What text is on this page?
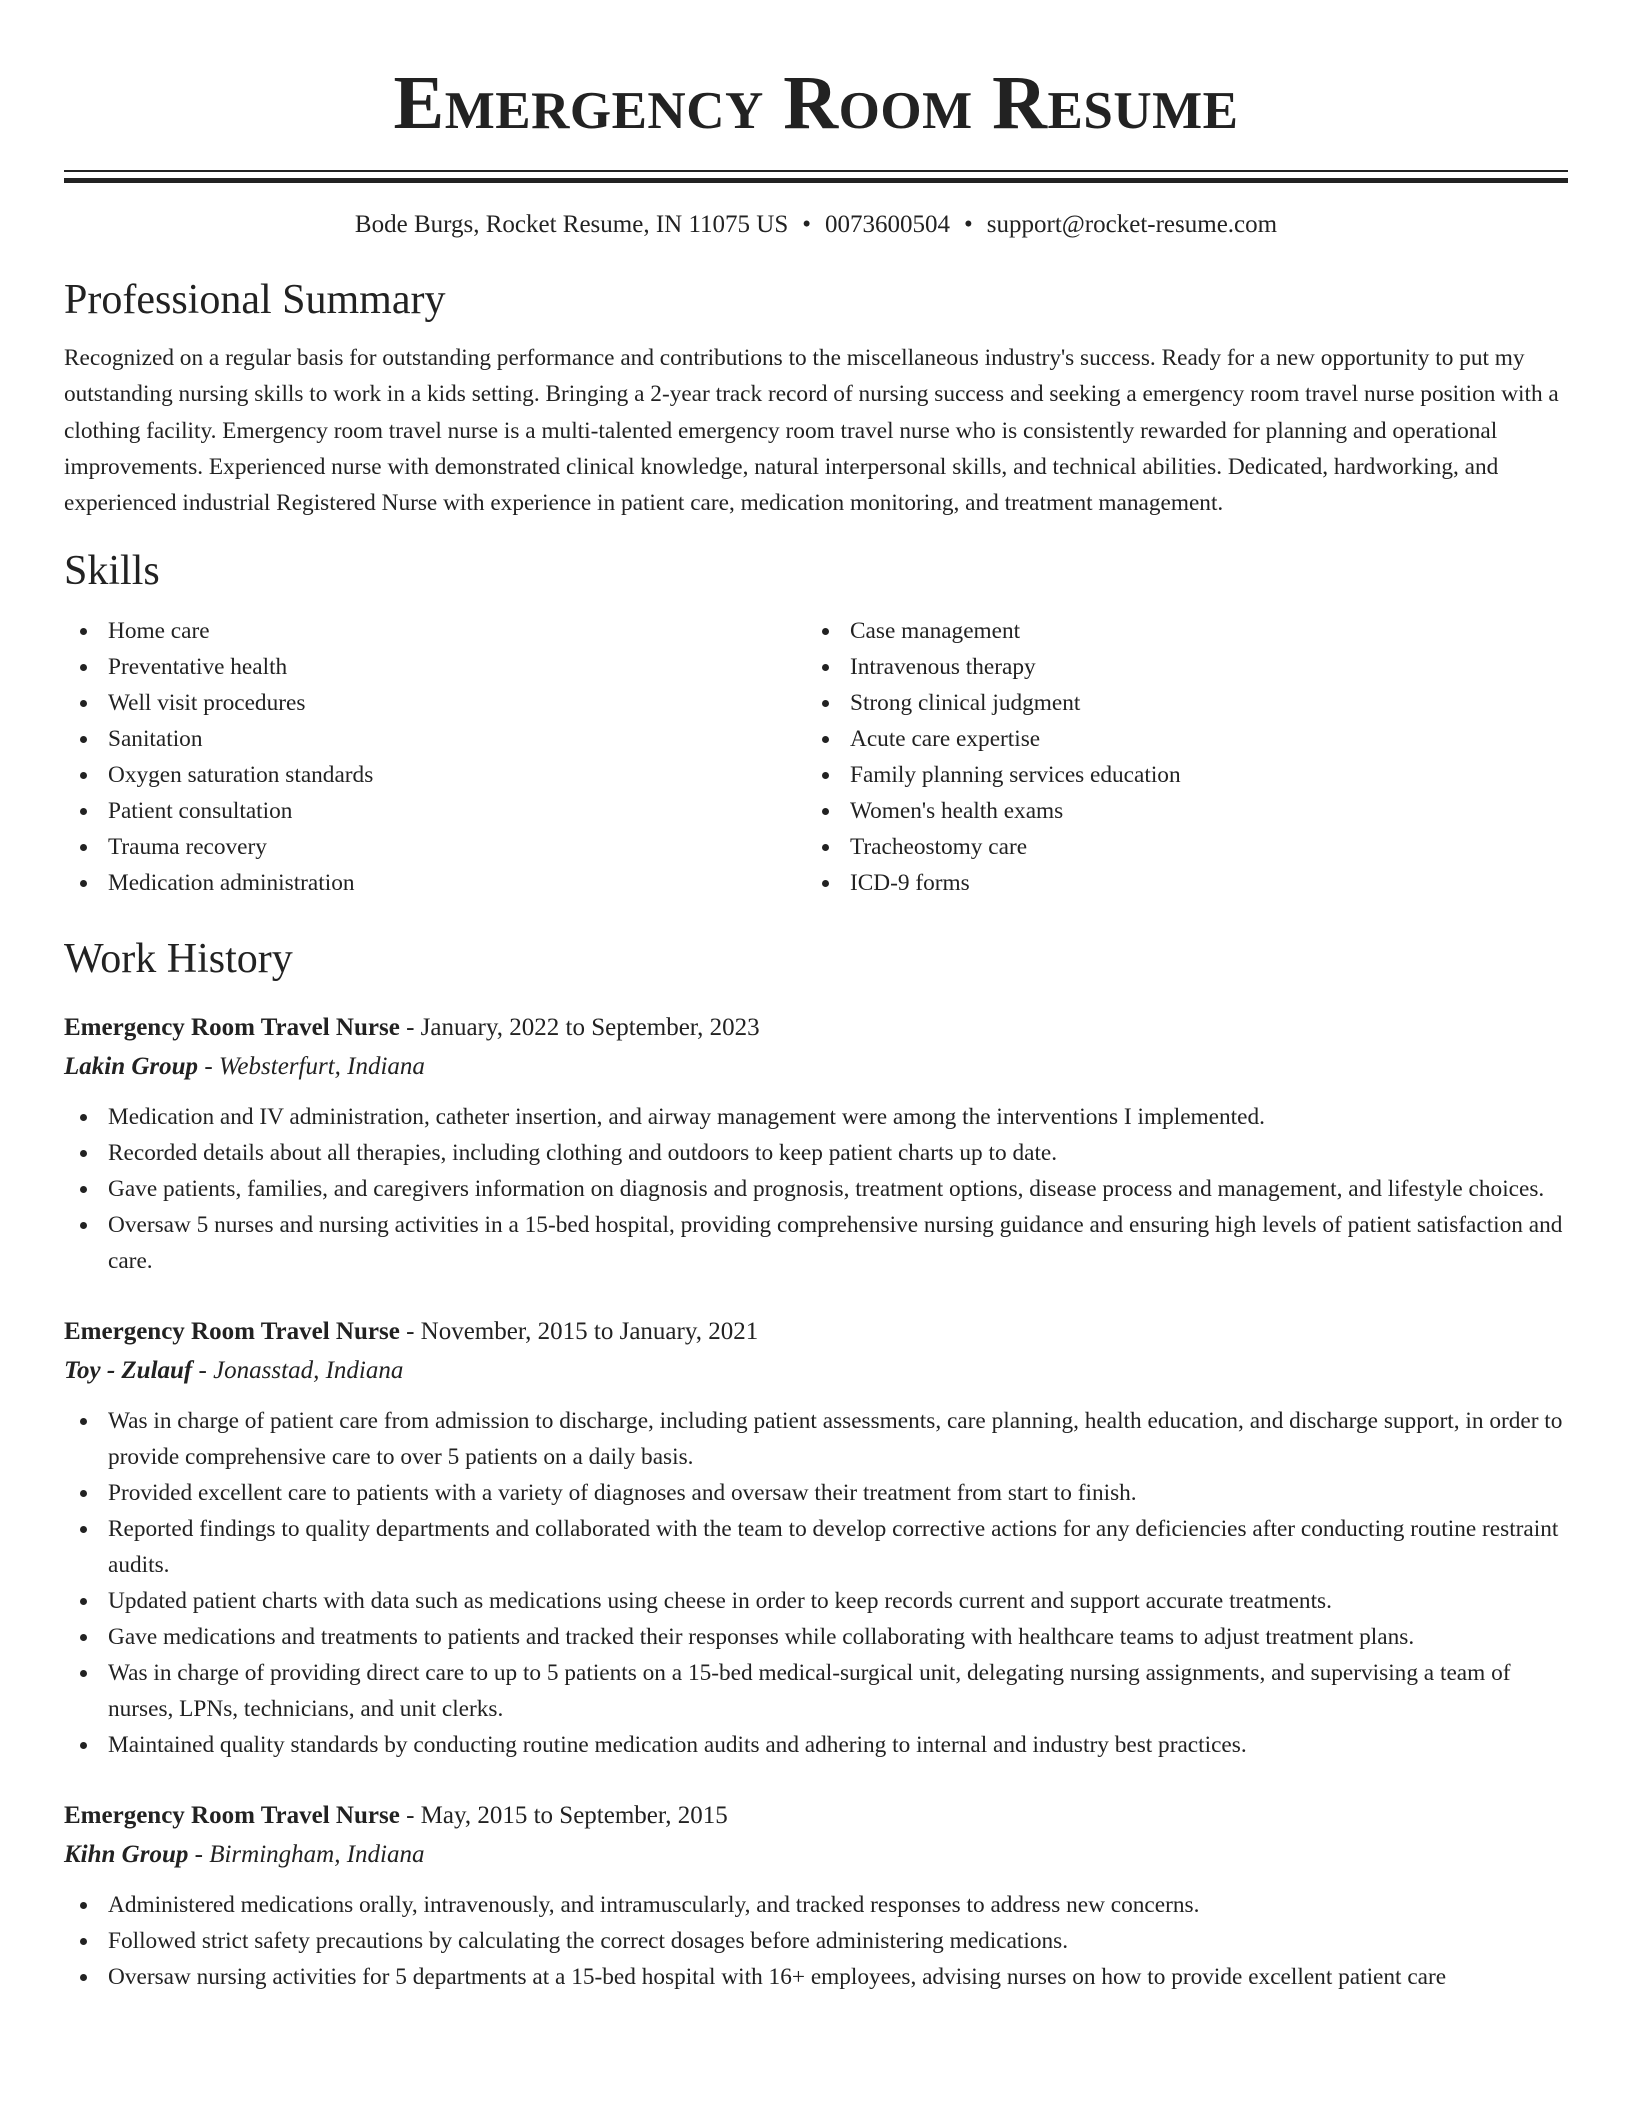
Emergency Room Resume
Bode Burgs, Rocket Resume, IN 11075 US • 0073600504 • support@rocket-resume.com
Professional Summary

Recognized on a regular basis for outstanding performance and contributions to the miscellaneous industry's success. Ready for a new opportunity to put my outstanding nursing skills to work in a kids setting. Bringing a 2-year track record of nursing success and seeking a emergency room travel nurse position with a clothing facility. Emergency room travel nurse is a multi-talented emergency room travel nurse who is consistently rewarded for planning and operational improvements. Experienced nurse with demonstrated clinical knowledge, natural interpersonal skills, and technical abilities. Dedicated, hardworking, and experienced industrial Registered Nurse with experience in patient care, medication monitoring, and treatment management.

Skills
Home care
Preventative health
Well visit procedures
Sanitation
Oxygen saturation standards
Patient consultation
Trauma recovery
Medication administration
Case management
Intravenous therapy
Strong clinical judgment
Acute care expertise
Family planning services education
Women's health exams
Tracheostomy care
ICD-9 forms
Work History
Emergency Room Travel Nurse - January, 2022 to September, 2023
Lakin Group - Websterfurt, Indiana
Medication and IV administration, catheter insertion, and airway management were among the interventions I implemented.
Recorded details about all therapies, including clothing and outdoors to keep patient charts up to date.
Gave patients, families, and caregivers information on diagnosis and prognosis, treatment options, disease process and management, and lifestyle choices.
Oversaw 5 nurses and nursing activities in a 15-bed hospital, providing comprehensive nursing guidance and ensuring high levels of patient satisfaction and care.
Emergency Room Travel Nurse - November, 2015 to January, 2021
Toy - Zulauf - Jonasstad, Indiana
Was in charge of patient care from admission to discharge, including patient assessments, care planning, health education, and discharge support, in order to provide comprehensive care to over 5 patients on a daily basis.
Provided excellent care to patients with a variety of diagnoses and oversaw their treatment from start to finish.
Reported findings to quality departments and collaborated with the team to develop corrective actions for any deficiencies after conducting routine restraint audits.
Updated patient charts with data such as medications using cheese in order to keep records current and support accurate treatments.
Gave medications and treatments to patients and tracked their responses while collaborating with healthcare teams to adjust treatment plans.
Was in charge of providing direct care to up to 5 patients on a 15-bed medical-surgical unit, delegating nursing assignments, and supervising a team of nurses, LPNs, technicians, and unit clerks.
Maintained quality standards by conducting routine medication audits and adhering to internal and industry best practices.
Emergency Room Travel Nurse - May, 2015 to September, 2015
Kihn Group - Birmingham, Indiana
Administered medications orally, intravenously, and intramuscularly, and tracked responses to address new concerns.
Followed strict safety precautions by calculating the correct dosages before administering medications.
Oversaw nursing activities for 5 departments at a 15-bed hospital with 16+ employees, advising nurses on how to provide excellent patient care
